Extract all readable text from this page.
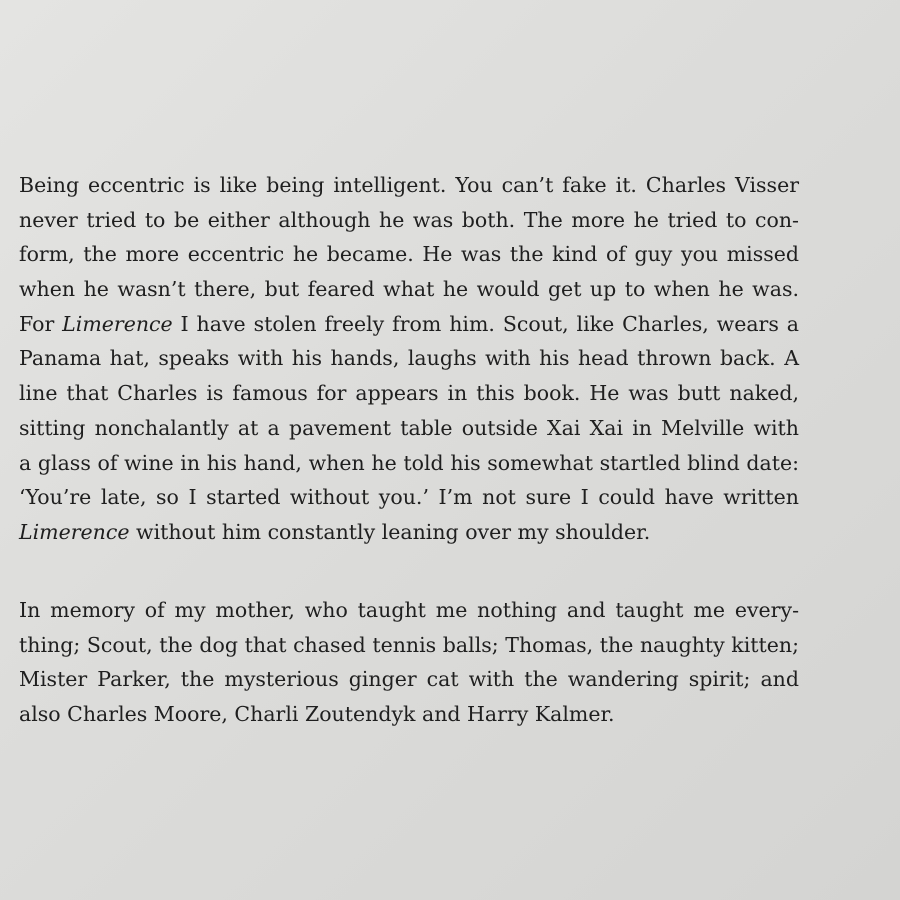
Being eccentric is like being intelligent. You can’t fake it. Charles Visser
never tried to be either although he was both. The more he tried to con-
form, the more eccentric he became. He was the kind of guy you missed
when he wasn’t there, but feared what he would get up to when he was.
For Limerence I have stolen freely from him. Scout, like Charles, wears a
Panama hat, speaks with his hands, laughs with his head thrown back. A
line that Charles is famous for appears in this book. He was butt naked,
sitting nonchalantly at a pavement table outside Xai Xai in Melville with
a glass of wine in his hand, when he told his somewhat startled blind date:
‘You’re late, so I started without you.’ I’m not sure I could have written
Limerence without him constantly leaning over my shoulder.

In memory of my mother, who taught me nothing and taught me every-
thing; Scout, the dog that chased tennis balls; Thomas, the naughty kitten;
Mister Parker, the mysterious ginger cat with the wandering spirit; and
also Charles Moore, Charli Zoutendyk and Harry Kalmer.
